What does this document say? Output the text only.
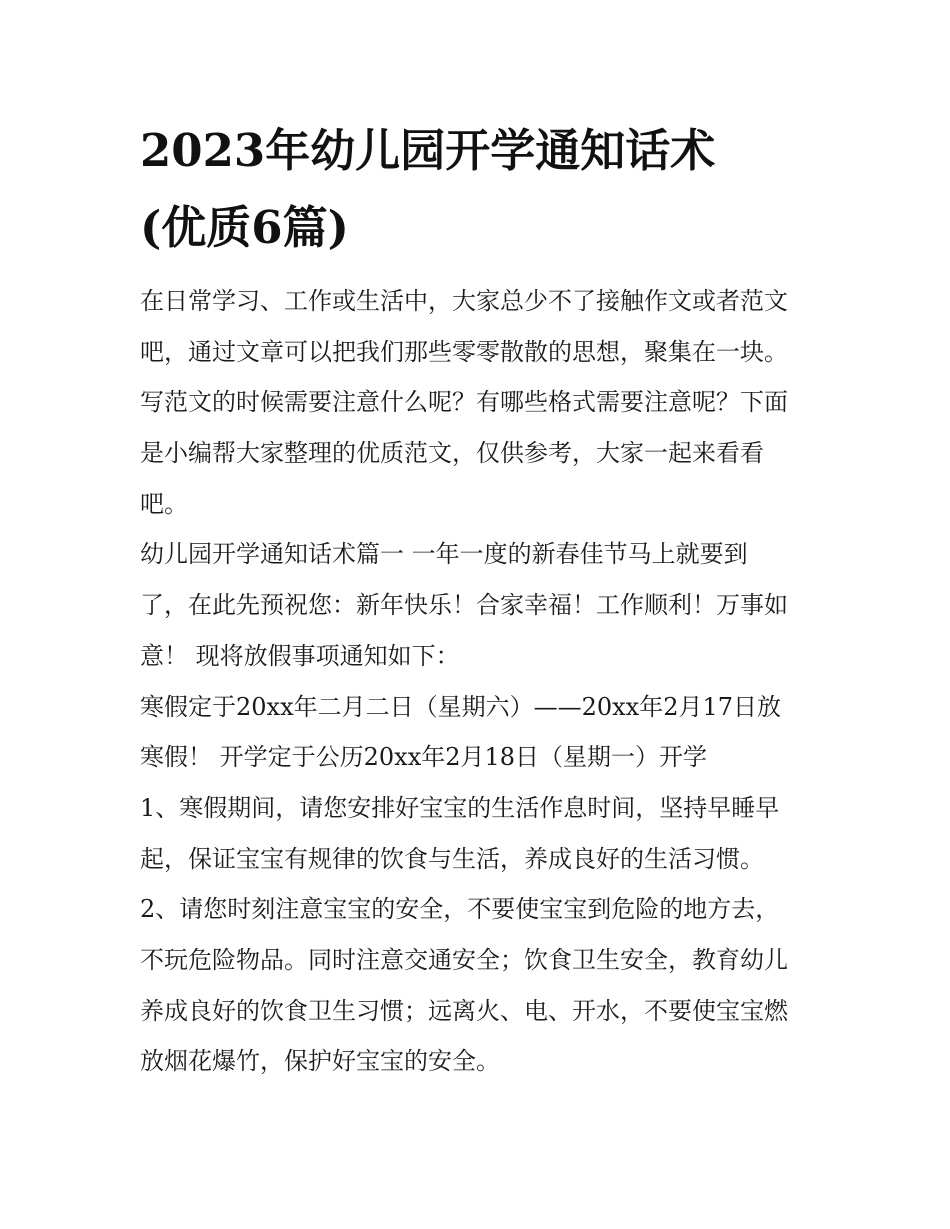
2023年幼儿园开学通知话术
(优质6篇)
在日常学习、工作或生活中，大家总少不了接触作文或者范文
吧，通过文章可以把我们那些零零散散的思想，聚集在一块。
写范文的时候需要注意什么呢？有哪些格式需要注意呢？下面
是小编帮大家整理的优质范文，仅供参考，大家一起来看看
吧。
幼儿园开学通知话术篇一 一年一度的新春佳节马上就要到
了，在此先预祝您：新年快乐！合家幸福！工作顺利！万事如
意！ 现将放假事项通知如下：
寒假定于20xx年二月二日（星期六）——20xx年2月17日放
寒假！ 开学定于公历20xx年2月18日（星期一）开学
1、寒假期间，请您安排好宝宝的生活作息时间，坚持早睡早
起，保证宝宝有规律的饮食与生活，养成良好的生活习惯。
2、请您时刻注意宝宝的安全，不要使宝宝到危险的地方去，
不玩危险物品。同时注意交通安全；饮食卫生安全，教育幼儿
养成良好的饮食卫生习惯；远离火、电、开水，不要使宝宝燃
放烟花爆竹，保护好宝宝的安全。
